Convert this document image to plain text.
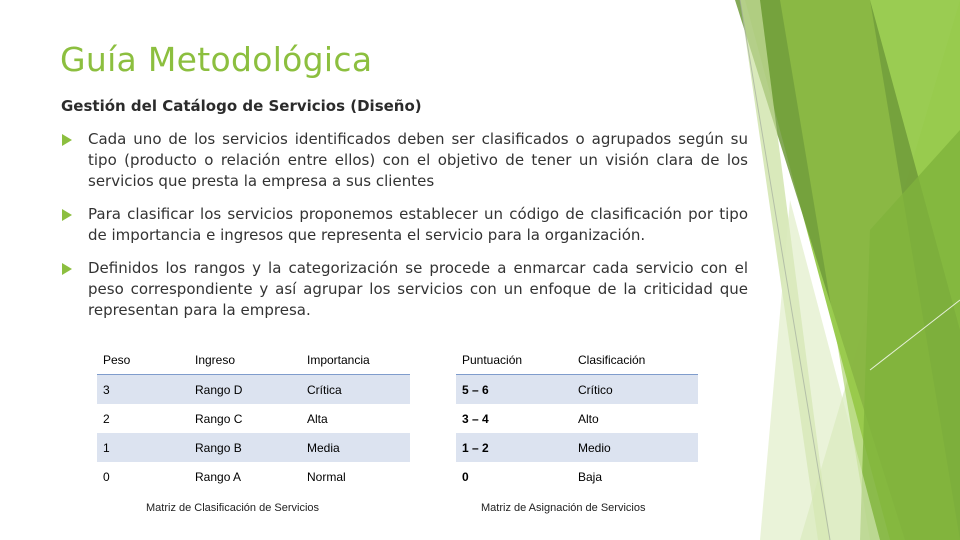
Guía Metodológica
Gestión del Catálogo de Servicios (Diseño)
Cada uno de los servicios identificados deben ser clasificados o agrupados según su tipo (producto o relación entre ellos) con el objetivo de tener un visión clara de los servicios que presta la empresa a sus clientes
Para clasificar los servicios proponemos establecer un código de clasificación por tipo de importancia e ingresos que representa el servicio para la organización.
Definidos los rangos y la categorización se procede a enmarcar cada servicio con el peso correspondiente y así agrupar los servicios con un enfoque de la criticidad que representan para la empresa.
Peso	Ingreso	Importancia
3	Rango D	Crítica
2	Rango C	Alta
1	Rango B	Media
0	Rango A	Normal
Puntuación	Clasificación
5 – 6	Crítico
3 – 4	Alto
1 – 2	Medio
0	Baja
Matriz de Clasificación de Servicios	Matriz de Asignación de Servicios
